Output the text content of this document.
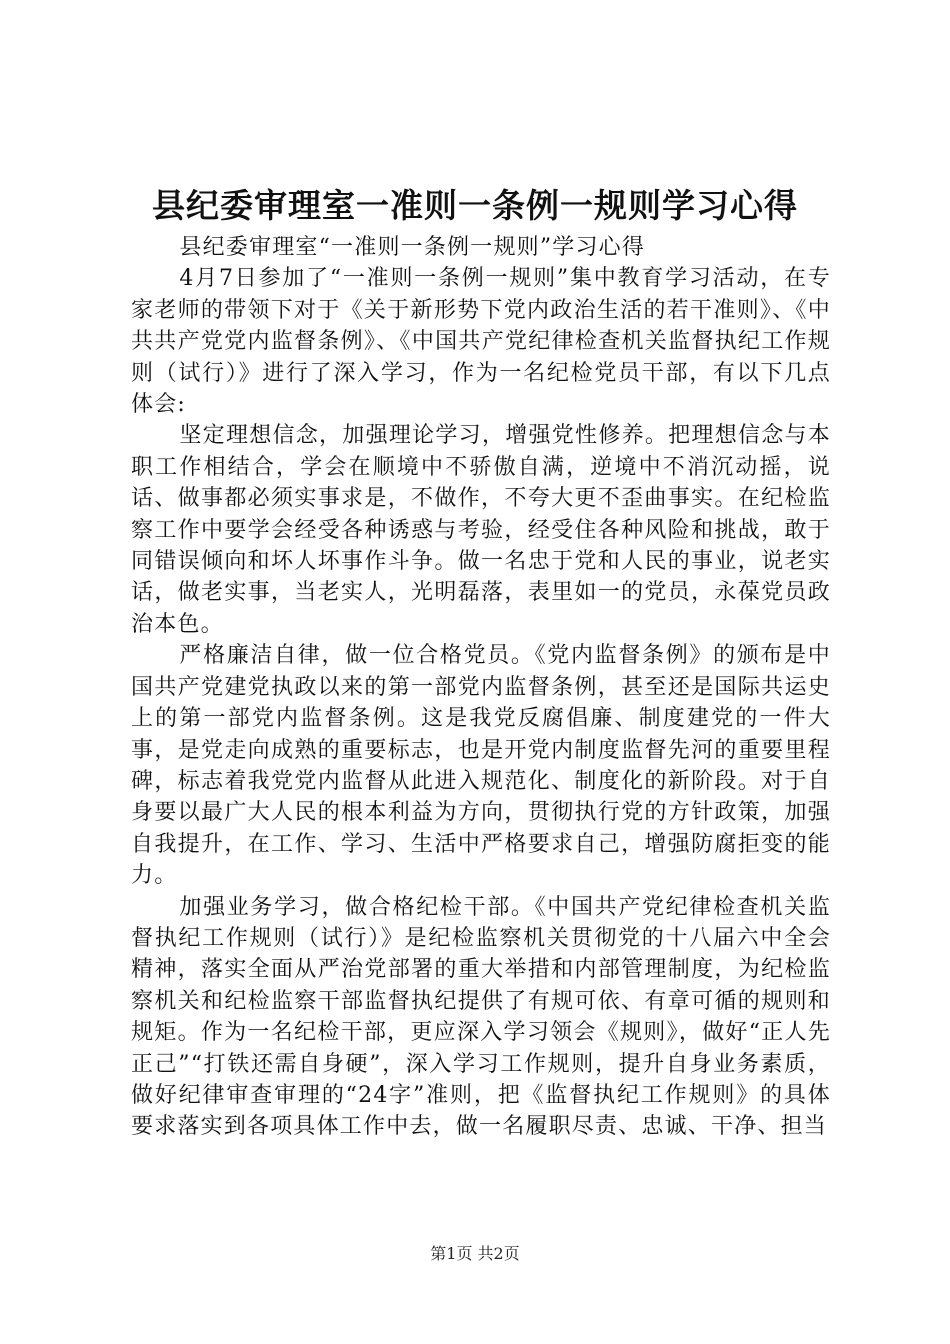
县纪委审理室一准则一条例一规则学习心得

县纪委审理室“一准则一条例一规则”学习心得

4月7日参加了“一准则一条例一规则”集中教育学习活动，在专家老师的带领下对于《关于新形势下党内政治生活的若干准则》、《中共共产党党内监督条例》、《中国共产党纪律检查机关监督执纪工作规则（试行）》进行了深入学习，作为一名纪检党员干部，有以下几点体会:

坚定理想信念，加强理论学习，增强党性修养。把理想信念与本职工作相结合，学会在顺境中不骄傲自满，逆境中不消沉动摇，说话、做事都必须实事求是，不做作，不夸大更不歪曲事实。在纪检监察工作中要学会经受各种诱惑与考验，经受住各种风险和挑战，敢于同错误倾向和坏人坏事作斗争。做一名忠于党和人民的事业，说老实话，做老实事，当老实人，光明磊落，表里如一的党员，永葆党员政治本色。

严格廉洁自律，做一位合格党员。《党内监督条例》的颁布是中国共产党建党执政以来的第一部党内监督条例，甚至还是国际共运史上的第一部党内监督条例。这是我党反腐倡廉、制度建党的一件大事，是党走向成熟的重要标志，也是开党内制度监督先河的重要里程碑，标志着我党党内监督从此进入规范化、制度化的新阶段。对于自身要以最广大人民的根本利益为方向，贯彻执行党的方针政策，加强自我提升，在工作、学习、生活中严格要求自己，增强防腐拒变的能力。

加强业务学习，做合格纪检干部。《中国共产党纪律检查机关监督执纪工作规则（试行）》是纪检监察机关贯彻党的十八届六中全会精神，落实全面从严治党部署的重大举措和内部管理制度，为纪检监察机关和纪检监察干部监督执纪提供了有规可依、有章可循的规则和规矩。作为一名纪检干部，更应深入学习领会《规则》，做好“正人先正己”“打铁还需自身硬”，深入学习工作规则，提升自身业务素质，做好纪律审查审理的“24字”准则，把《监督执纪工作规则》的具体要求落实到各项具体工作中去，做一名履职尽责、忠诚、干净、担当

第1页 共2页
